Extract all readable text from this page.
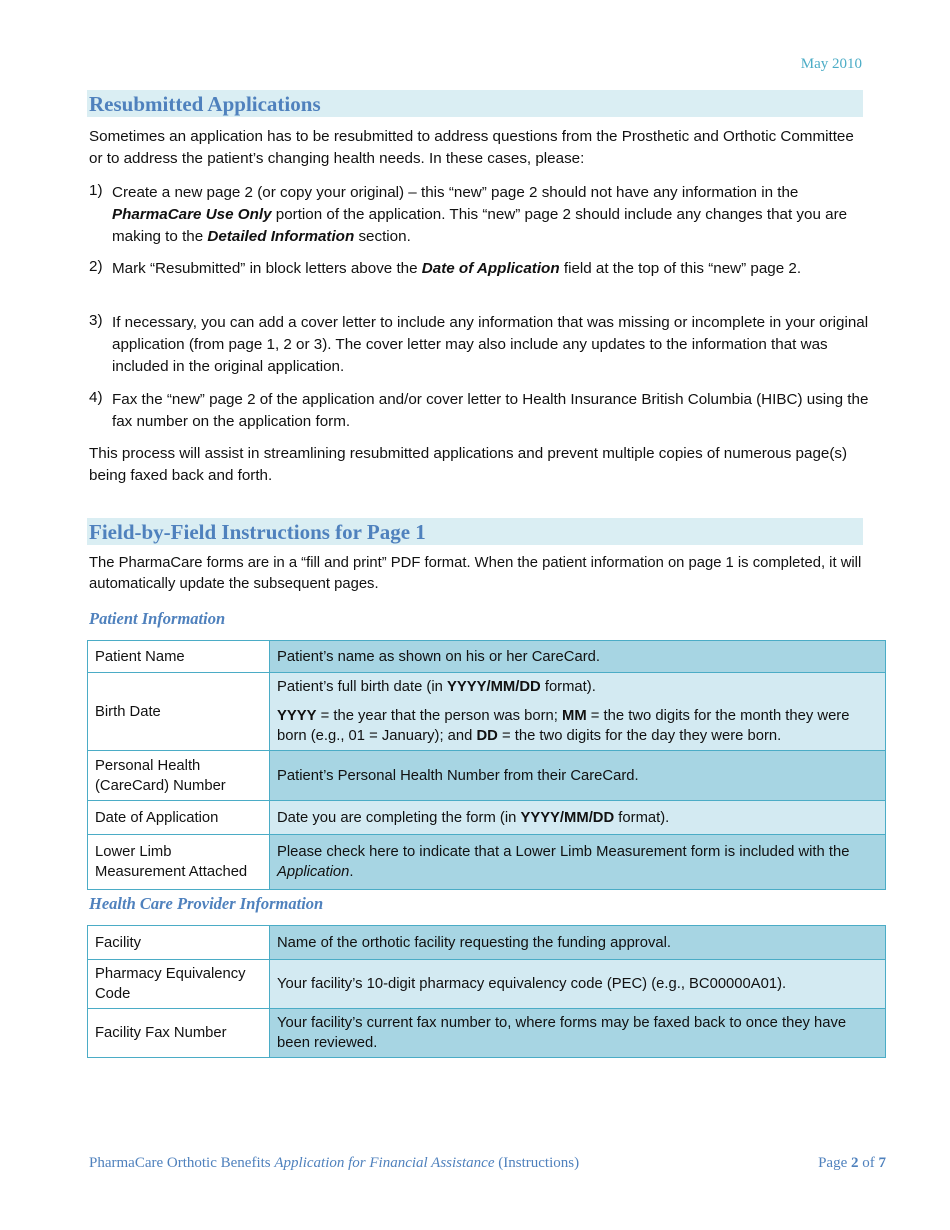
May 2010
Resubmitted Applications

Sometimes an application has to be resubmitted to address questions from the Prosthetic and Orthotic Committee or to address the patient’s changing health needs. In these cases, please:

1) Create a new page 2 (or copy your original) – this “new” page 2 should not have any information in the PharmaCare Use Only portion of the application. This “new” page 2 should include any changes that you are making to the Detailed Information section.

2) Mark “Resubmitted” in block letters above the Date of Application field at the top of this “new” page 2.

3) If necessary, you can add a cover letter to include any information that was missing or incomplete in your original application (from page 1, 2 or 3). The cover letter may also include any updates to the information that was included in the original application.

4) Fax the “new” page 2 of the application and/or cover letter to Health Insurance British Columbia (HIBC) using the fax number on the application form.

This process will assist in streamlining resubmitted applications and prevent multiple copies of numerous page(s) being faxed back and forth.

Field-by-Field Instructions for Page 1

The PharmaCare forms are in a “fill and print” PDF format. When the patient information on page 1 is completed, it will automatically update the subsequent pages.

Patient Information
Patient Name	Patient’s name as shown on his or her CareCard.
Birth Date	Patient’s full birth date (in YYYY/MM/DD format).

YYYY = the year that the person was born; MM = the two digits for the month they were born (e.g., 01 = January); and DD = the two digits for the day they were born.

Personal Health (CareCard) Number	Patient’s Personal Health Number from their CareCard.
Date of Application	Date you are completing the form (in YYYY/MM/DD format).
Lower Limb Measurement Attached	Please check here to indicate that a Lower Limb Measurement form is included with the Application.
Health Care Provider Information
Facility	Name of the orthotic facility requesting the funding approval.
Pharmacy Equivalency Code	Your facility’s 10-digit pharmacy equivalency code (PEC) (e.g., BC00000A01).
Facility Fax Number	Your facility’s current fax number to, where forms may be faxed back to once they have been reviewed.
PharmaCare Orthotic Benefits Application for Financial Assistance (Instructions)	Page 2 of 7
